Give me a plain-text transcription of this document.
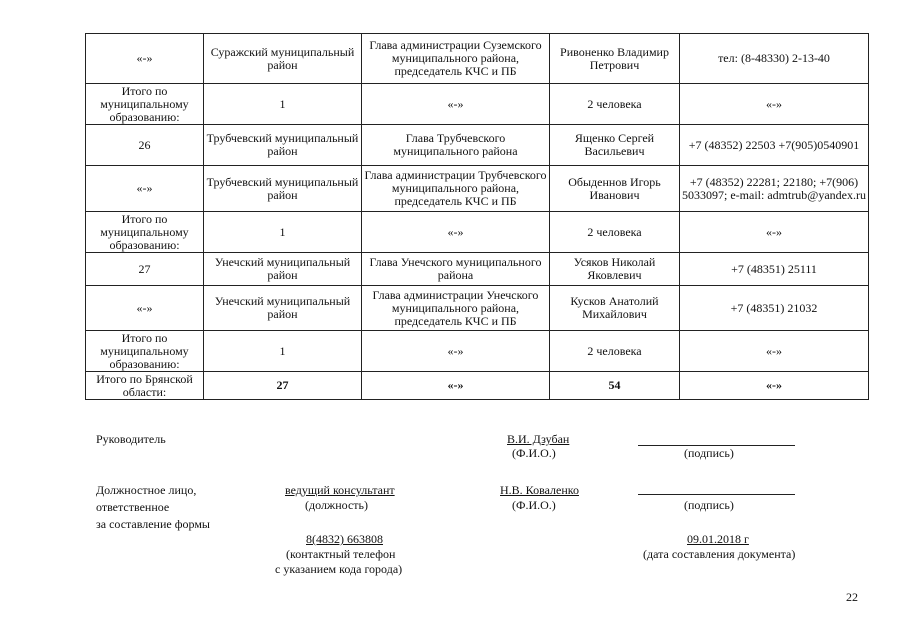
«-»	Суражский муниципальный район	Глава администрации Суземского муниципального района, председатель КЧС и ПБ	Ривоненко Владимир Петрович	тел: (8-48330) 2-13-40
Итого по муниципальному образованию:	1	«-»	2 человека	«-»
26	Трубчевский муниципальный район	Глава Трубчевского муниципального района	Ященко Сергей Васильевич	+7 (48352) 22503 +7(905)0540901
«-»	Трубчевский муниципальный район	Глава администрации Трубчевского муниципального района, председатель КЧС и ПБ	Обыденнов Игорь Иванович	+7 (48352) 22281; 22180; +7(906) 5033097; e-mail: admtrub@yandex.ru
Итого по муниципальному образованию:	1	«-»	2 человека	«-»
27	Унечский муниципальный район	Глава Унечского муниципального района	Усяков Николай Яковлевич	+7 (48351) 25111
«-»	Унечский муниципальный район	Глава администрации Унечского муниципального района, председатель КЧС и ПБ	Кусков Анатолий Михайлович	+7 (48351) 21032
Итого по муниципальному образованию:	1	«-»	2 человека	«-»
Итого по Брянской области:	27	«-»	54	«-»
Руководитель	В.И. Дзубан
(Ф.И.О.)	(подпись)
Должностное лицо,
ответственное
за составление формы
ведущий консультант
(должность)
Н.В. Коваленко
(Ф.И.О.)	(подпись)
8(4832) 663808
(контактный телефон
с указанием кода города)
09.01.2018 г
(дата составления документа)
22
